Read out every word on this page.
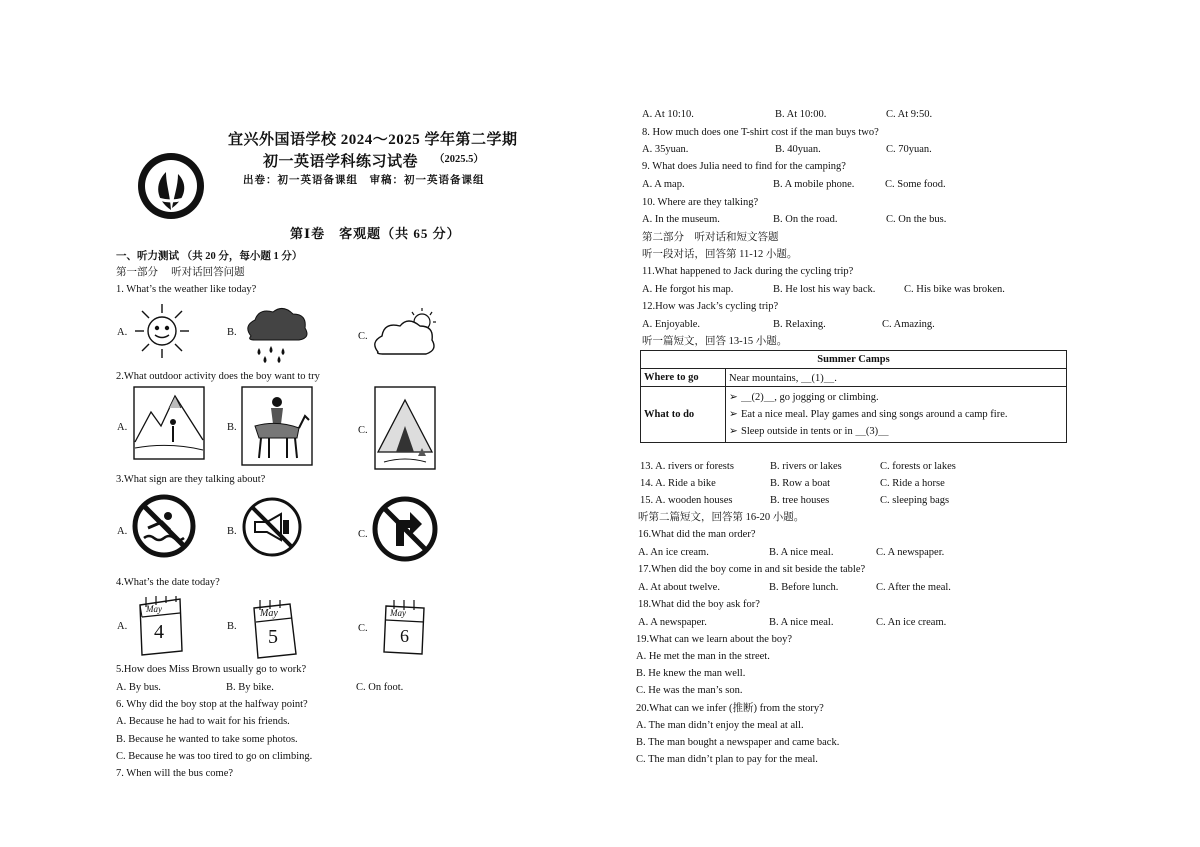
宜兴外国语学校 2024～2025 学年第二学期
初一英语学科练习试卷 （2025.5）
出卷：初一英语备课组　审稿：初一英语备课组
第Ⅰ卷　客观题（共 65 分）
一、听力测试 （共 20 分，每小题 1 分）
第一部分　 听对话回答问题
1. What’s the weather like today?
A.	B.	C.
2.What outdoor activity does the boy want to try
A.	B.	C.
3.What sign are they talking about?
A.	B.	C.
4.What’s the date today?
A.
May
4	B.
May
5	C.
May
6
5.How does Miss Brown usually go to work?
A. By bus.	B. By bike.	C. On foot.
6. Why did the boy stop at the halfway point?
A. Because he had to wait for his friends.
B. Because he wanted to take some photos.
C. Because he was too tired to go on climbing.
7. When will the bus come?
A. At 10:10.	B. At 10:00.	C. At 9:50.
8. How much does one T-shirt cost if the man buys two?
A. 35yuan.	B. 40yuan.	C. 70yuan.
9. What does Julia need to find for the camping?
A. A map.	B. A mobile phone.	C. Some food.
10. Where are they talking?
A. In the museum.	B. On the road.	C. On the bus.
第二部分　听对话和短文答题
听一段对话，回答第 11-12 小题。
11.What happened to Jack during the cycling trip?
A. He forgot his map.	B. He lost his way back.	C. His bike was broken.
12.How was Jack’s cycling trip?
A. Enjoyable.	B. Relaxing.	C. Amazing.
听一篇短文，回答 13-15 小题。
Summer Camps	
Where to go	Near mountains, ＿(1)＿.
What to do	➢ ＿(2)＿, go jogging or climbing.
➢ Eat a nice meal. Play games and sing songs around a camp fire.
➢ Sleep outside in tents or in ＿(3)＿
13. A. rivers or forests	B. rivers or lakes	C. forests or lakes
14. A. Ride a bike	B. Row a boat	C. Ride a horse
15. A. wooden houses	B. tree houses	C. sleeping bags
听第二篇短文，回答第 16-20 小题。
16.What did the man order?
A. An ice cream.	B. A nice meal.	C. A newspaper.
17.When did the boy come in and sit beside the table?
A. At about twelve.	B. Before lunch.	C. After the meal.
18.What did the boy ask for?
A. A newspaper.	B. A nice meal.	C. An ice cream.
19.What can we learn about the boy?
A. He met the man in the street.
B. He knew the man well.
C. He was the man’s son.
20.What can we infer (推断) from the story?
A. The man didn’t enjoy the meal at all.
B. The man bought a newspaper and came back.
C. The man didn’t plan to pay for the meal.
